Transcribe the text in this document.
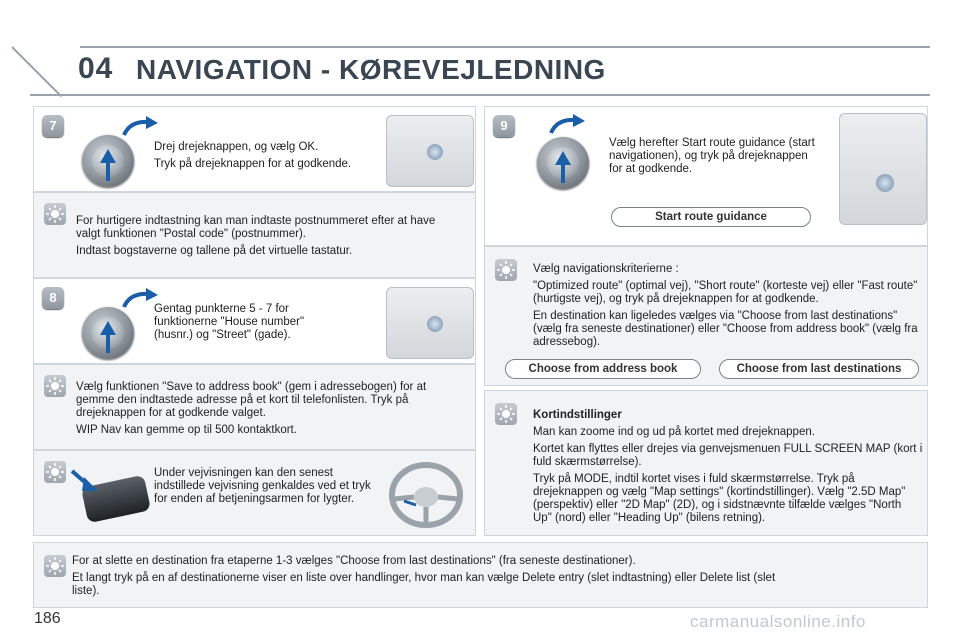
04 NAVIGATION - KØREVEJLEDNING
7

Drej drejeknappen, og vælg OK.

Tryk på drejeknappen for at godkende.

For hurtigere indtastning kan man indtaste postnummeret efter at have valgt funktionen "Postal code" (postnummer).

Indtast bogstaverne og tallene på det virtuelle tastatur.

8

Gentag punkterne 5 - 7 for funktionerne "House number" (husnr.) og "Street" (gade).

Vælg funktionen "Save to address book" (gem i adressebogen) for at gemme den indtastede adresse på et kort til telefonlisten. Tryk på drejeknappen for at godkende valget.

WIP Nav kan gemme op til 500 kontaktkort.

Under vejvisningen kan den senest indstillede vejvisning genkaldes ved et tryk for enden af betjeningsarmen for lygter.

9

Vælg herefter Start route guidance (start navigationen), og tryk på drejeknappen for at godkende.

Start route guidance

Vælg navigationskriterierne :

"Optimized route" (optimal vej), "Short route" (korteste vej) eller "Fast route" (hurtigste vej), og tryk på drejeknappen for at godkende.

En destination kan ligeledes vælges via "Choose from last destinations" (vælg fra seneste destinationer) eller "Choose from address book" (vælg fra adressebog).

Choose from address book	Choose from last destinations

Kortindstillinger

Man kan zoome ind og ud på kortet med drejeknappen.

Kortet kan flyttes eller drejes via genvejsmenuen FULL SCREEN MAP (kort i fuld skærmstørrelse).

Tryk på MODE, indtil kortet vises i fuld skærmstørrelse. Tryk på drejeknappen og vælg "Map settings" (kortindstillinger). Vælg "2.5D Map" (perspektiv) eller "2D Map" (2D), og i sidstnævnte tilfælde vælges "North Up" (nord) eller "Heading Up" (bilens retning).

For at slette en destination fra etaperne 1-3 vælges "Choose from last destinations" (fra seneste destinationer).

Et langt tryk på en af destinationerne viser en liste over handlinger, hvor man kan vælge Delete entry (slet indtastning) eller Delete list (slet liste).

186	carmanualsonline.info
